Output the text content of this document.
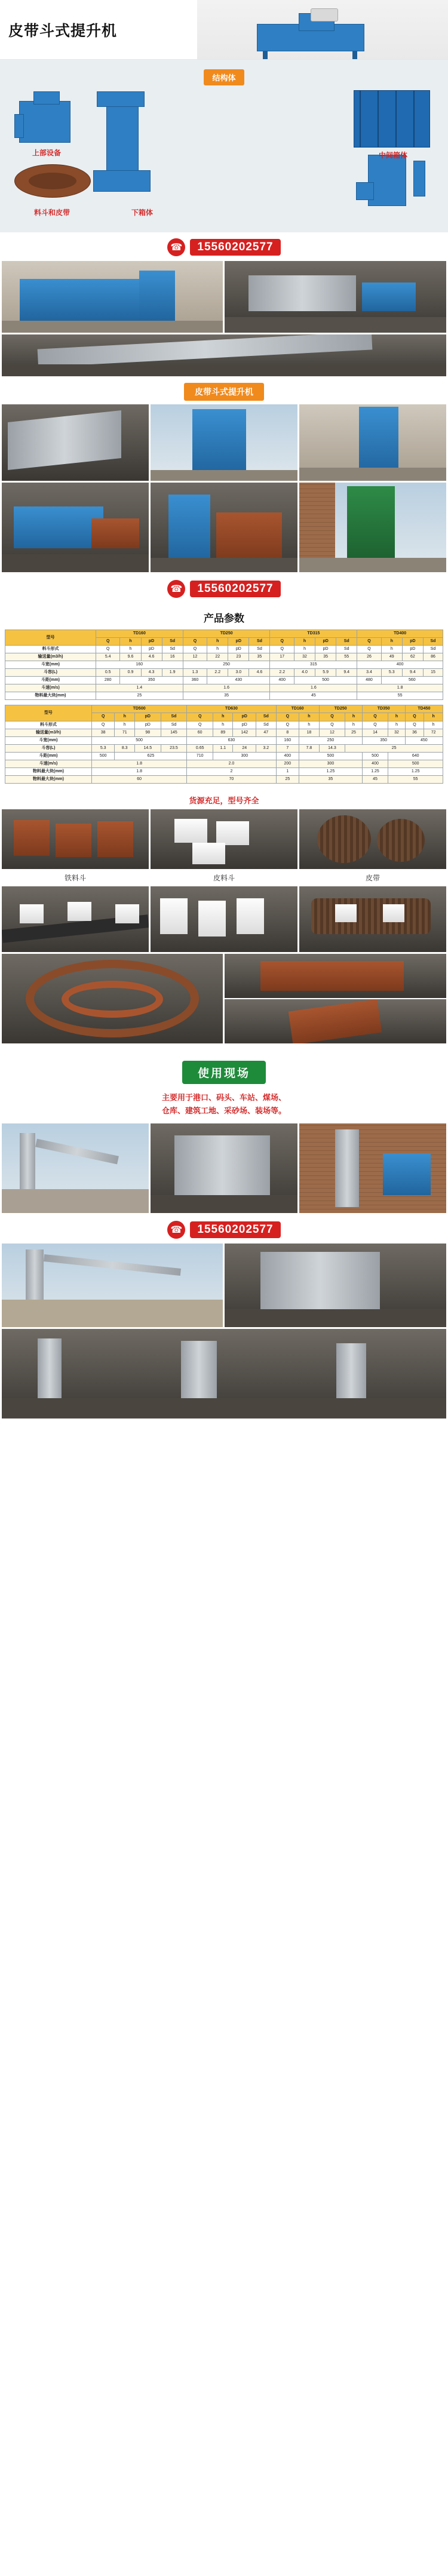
皮带斗式提升机
结构体
上部设备	中间箱体
料斗和皮带	下箱体
☎	15560202577
皮带斗式提升机
☎	15560202577
产品参数
型号	TD160				TD250				TD315				TD400			
	Q	h	pD	Sd	Q	h	pD	Sd	Q	h	pD	Sd	Q	h	pD	Sd
料斗形式	Q	h	pD	Sd	Q	h	pD	Sd	Q	h	pD	Sd	Q	h	pD	Sd
输送量(m3/h)	5.4	9.6	4.6	16	12	22	23	35	17	32	35	55	26	49	62	86
斗宽(mm)	160				250				315				400			
斗容(L)	0.5	0.9	4.3	1.9	1.3	2.2	3.0	4.6	2.2	4.0	5.9	9.4	3.4	5.3	9.4	15
斗距(mm)	280	350			360	430			400	500			480	560		
斗速(m/s)	1.4				1.6				1.6				1.8			
物料最大块(mm)	25				35				45				55			
型号	TD500				TD630				TD160		TD250		TD350		TD450	
	Q	h	pD	Sd	Q	h	pD	Sd	Q	h	Q	h	Q	h	Q	h
料斗形式	Q	h	pD	Sd	Q	h	pD	Sd	Q	h	Q	h	Q	h	Q	h
输送量(m3/h)	38	71	98	145	60	89	142	47	8	18	12	25	14	32	36	72
斗宽(mm)	500				630				160	250			350		450	
斗容(L)	5.3	8.3	14.5	23.5	0.65	1.1	24	3.2	7	7.8	14.3	25				
斗距(mm)	500	625			710	300			400	500			500	640		
斗速(m/s)	1.8				2.0				200	300			400	500		
物料最大块(mm)	1.8				2				1	1.25			1.25	1.25		
物料最大块(mm)	60				70				25	35			45	55		
货源充足，型号齐全
铁料斗	皮料斗	皮带
使用现场
主要用于港口、码头、车站、煤场、
仓库、建筑工地、采砂场、装场等。
☎	15560202577
